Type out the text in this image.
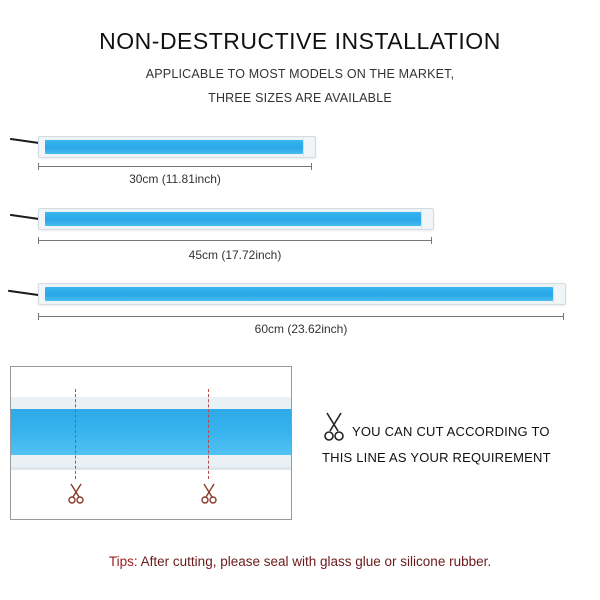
NON-DESTRUCTIVE INSTALLATION
APPLICABLE TO MOST MODELS ON THE MARKET,
THREE SIZES ARE AVAILABLE
30cm (11.81inch)
45cm (17.72inch)
60cm (23.62inch)
YOU CAN CUT ACCORDING TO
THIS LINE AS YOUR REQUIREMENT
Tips: After cutting, please seal with glass glue or silicone rubber.
